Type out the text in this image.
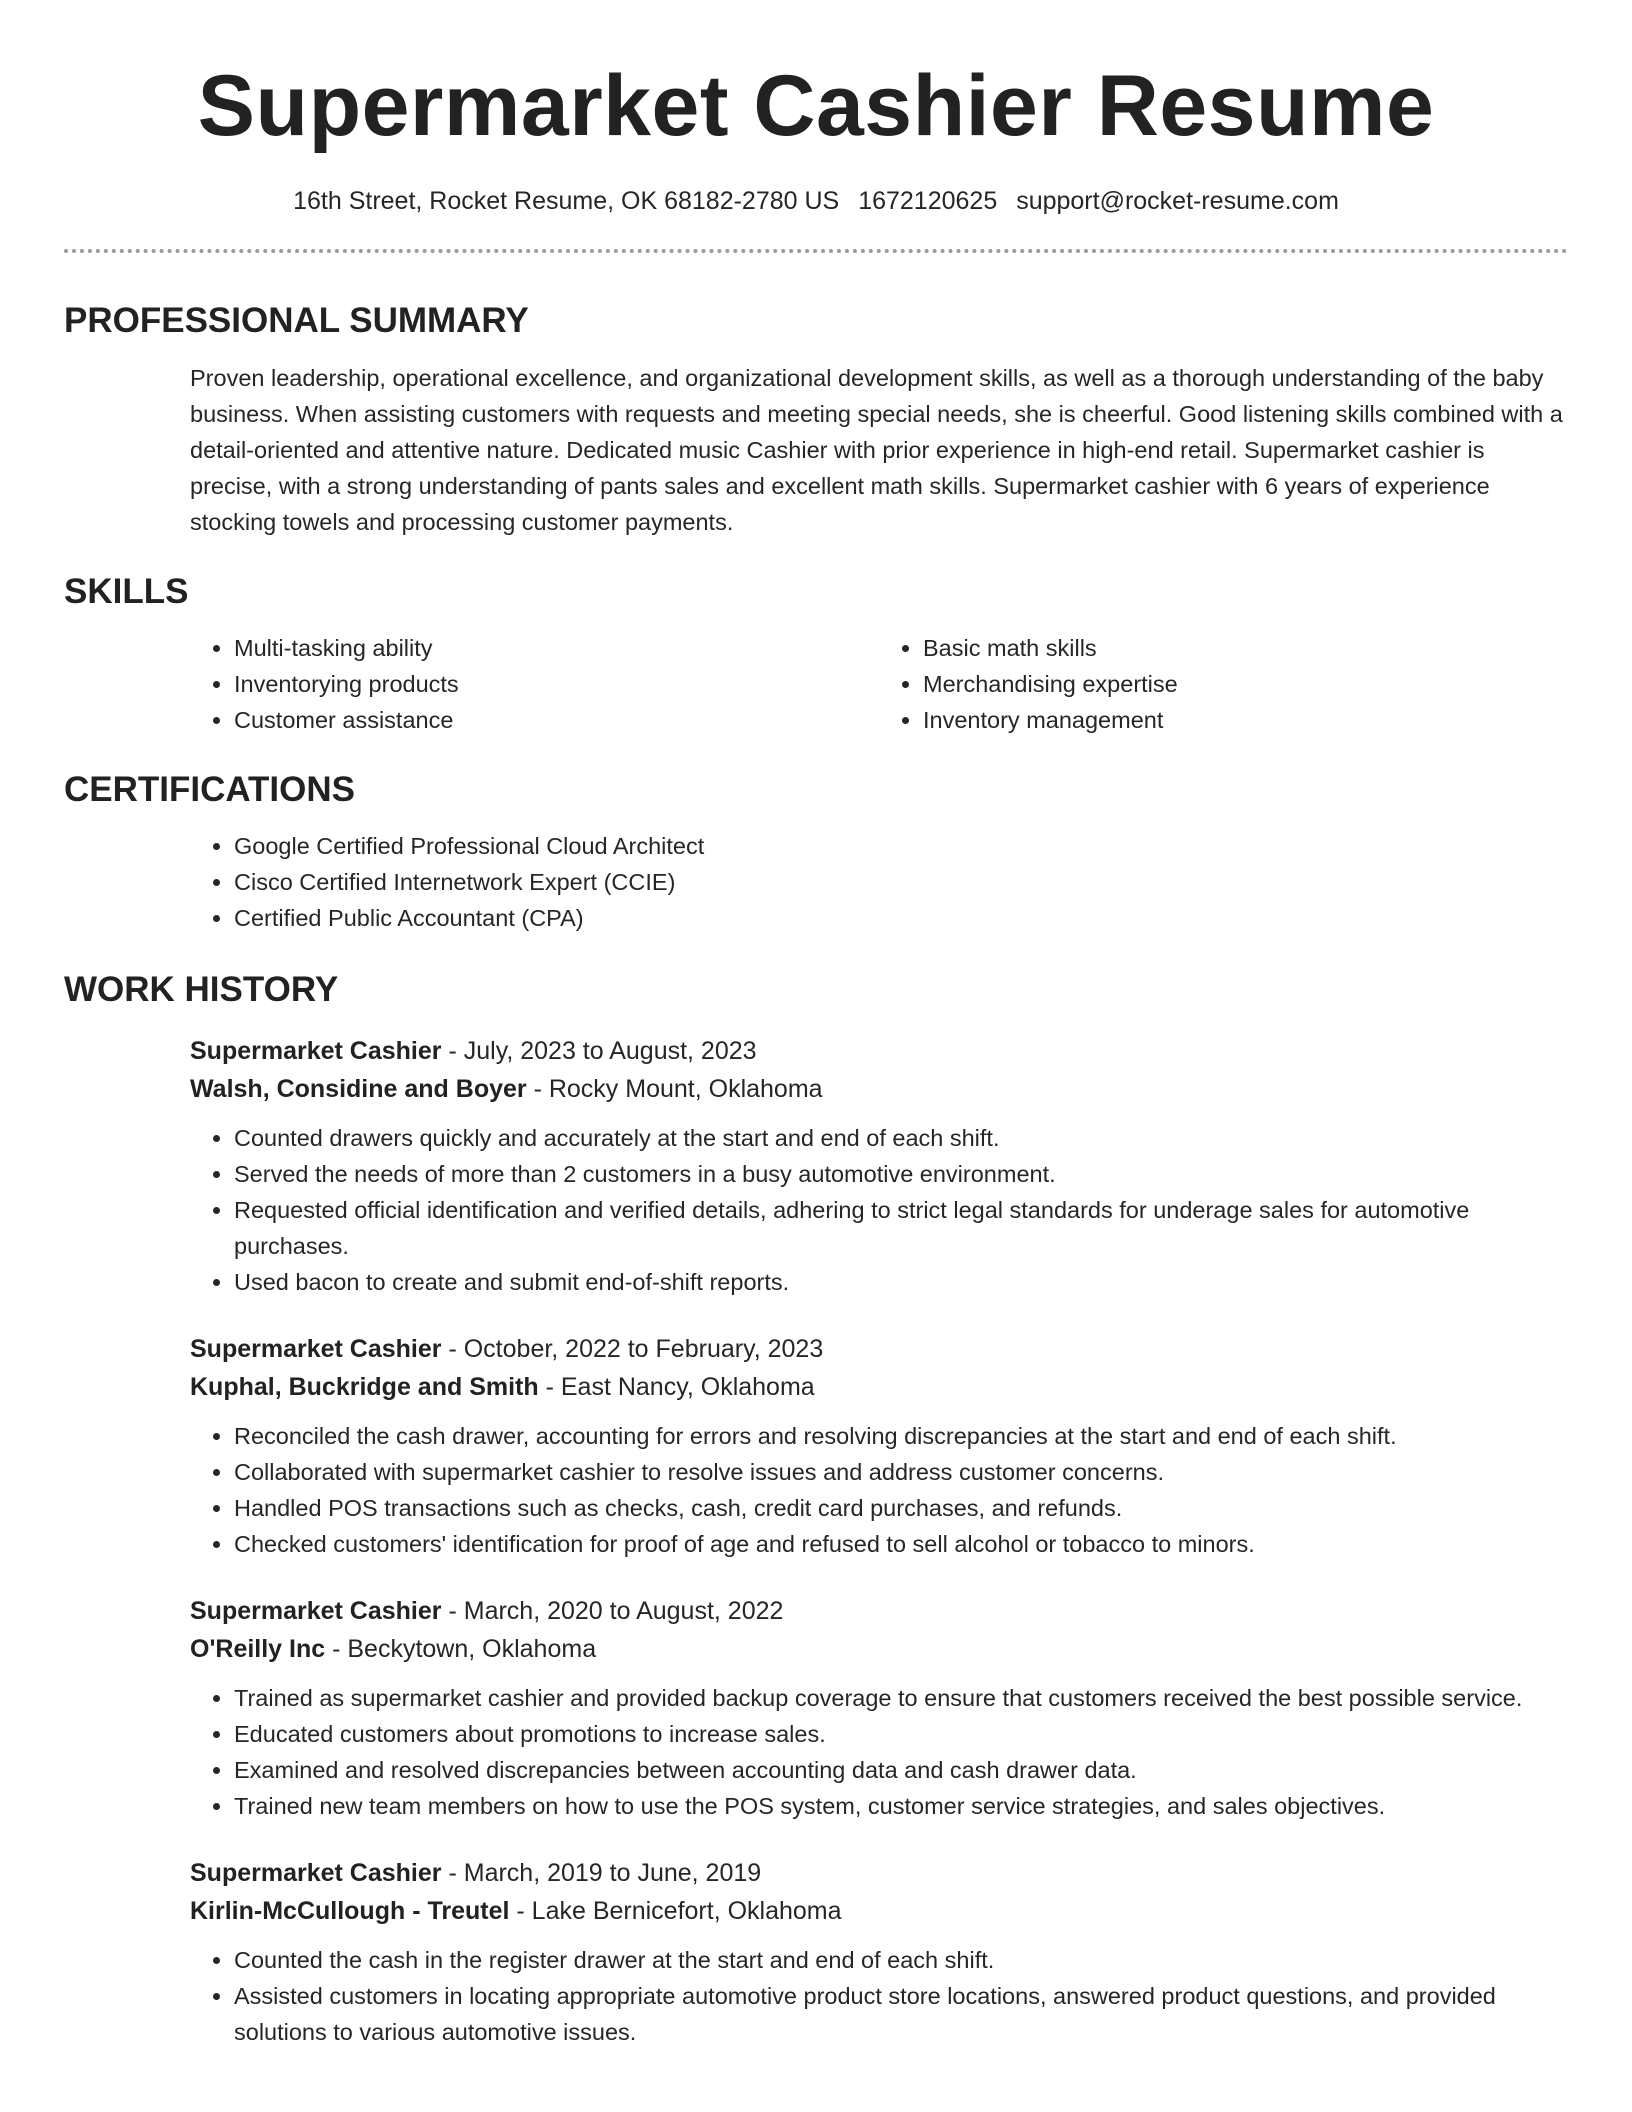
Supermarket Cashier Resume
16th Street, Rocket Resume, OK 68182-2780 US 1672120625 support@rocket-resume.com
PROFESSIONAL SUMMARY
Proven leadership, operational excellence, and organizational development skills, as well as a thorough understanding of the baby business. When assisting customers with requests and meeting special needs, she is cheerful. Good listening skills combined with a detail-oriented and attentive nature. Dedicated music Cashier with prior experience in high-end retail. Supermarket cashier is precise, with a strong understanding of pants sales and excellent math skills. Supermarket cashier with 6 years of experience stocking towels and processing customer payments.
SKILLS
• Multi-tasking ability
• Inventorying products
• Customer assistance
• Basic math skills
• Merchandising expertise
• Inventory management
CERTIFICATIONS
• Google Certified Professional Cloud Architect
• Cisco Certified Internetwork Expert (CCIE)
• Certified Public Accountant (CPA)
WORK HISTORY
Supermarket Cashier - July, 2023 to August, 2023
Walsh, Considine and Boyer - Rocky Mount, Oklahoma
• Counted drawers quickly and accurately at the start and end of each shift.
• Served the needs of more than 2 customers in a busy automotive environment.
• Requested official identification and verified details, adhering to strict legal standards for underage sales for automotive purchases.
• Used bacon to create and submit end-of-shift reports.
Supermarket Cashier - October, 2022 to February, 2023
Kuphal, Buckridge and Smith - East Nancy, Oklahoma
• Reconciled the cash drawer, accounting for errors and resolving discrepancies at the start and end of each shift.
• Collaborated with supermarket cashier to resolve issues and address customer concerns.
• Handled POS transactions such as checks, cash, credit card purchases, and refunds.
• Checked customers' identification for proof of age and refused to sell alcohol or tobacco to minors.
Supermarket Cashier - March, 2020 to August, 2022
O'Reilly Inc - Beckytown, Oklahoma
• Trained as supermarket cashier and provided backup coverage to ensure that customers received the best possible service.
• Educated customers about promotions to increase sales.
• Examined and resolved discrepancies between accounting data and cash drawer data.
• Trained new team members on how to use the POS system, customer service strategies, and sales objectives.
Supermarket Cashier - March, 2019 to June, 2019
Kirlin-McCullough - Treutel - Lake Bernicefort, Oklahoma
• Counted the cash in the register drawer at the start and end of each shift.
• Assisted customers in locating appropriate automotive product store locations, answered product questions, and provided solutions to various automotive issues.
